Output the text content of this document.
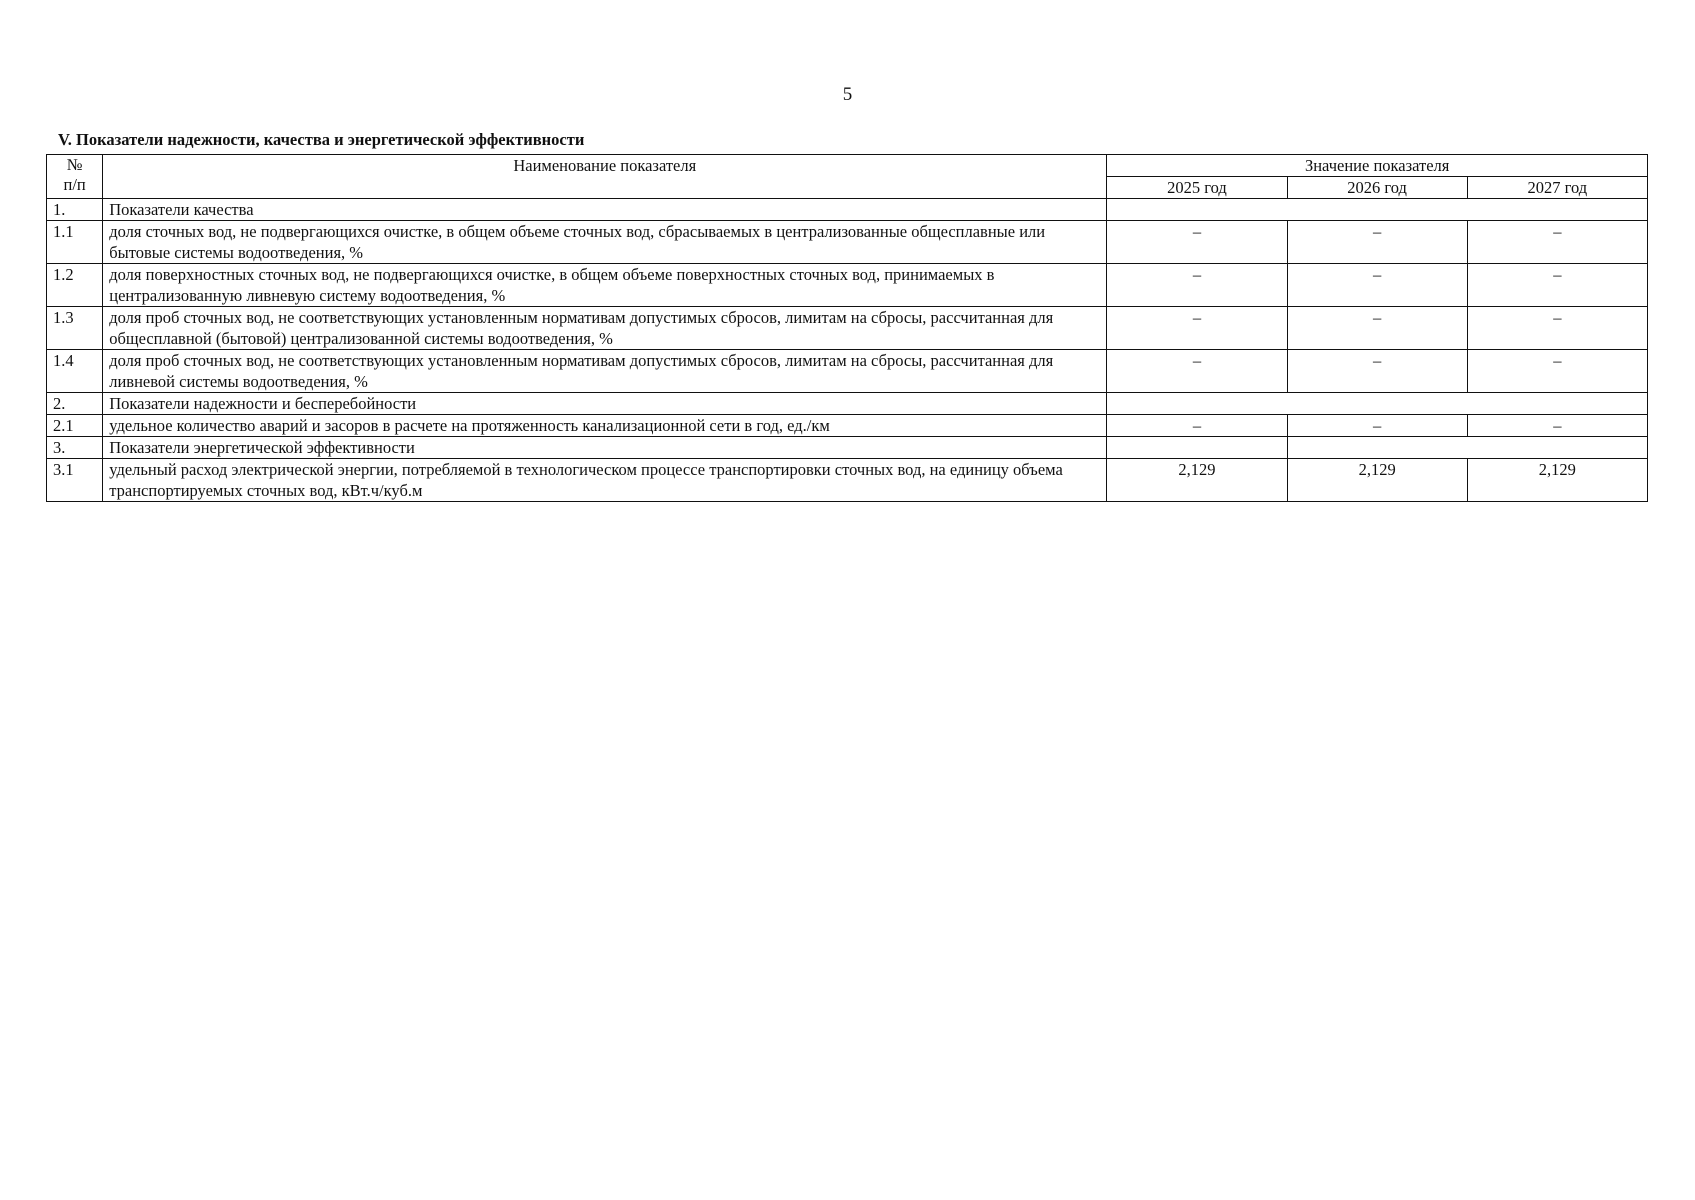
5
V. Показатели надежности, качества и энергетической эффективности
№
п/п	Наименование показателя	Значение показателя		
		2025 год	2026 год	2027 год
1.	Показатели качества			
1.1	доля сточных вод, не подвергающихся очистке, в общем объеме сточных вод, сбрасываемых в централизованные общесплавные или бытовые системы водоотведения, %	–	–	–
1.2	доля поверхностных сточных вод, не подвергающихся очистке, в общем объеме поверхностных сточных вод, принимаемых в централизованную ливневую систему водоотведения, %	–	–	–
1.3	доля проб сточных вод, не соответствующих установленным нормативам допустимых сбросов, лимитам на сбросы, рассчитанная для общесплавной (бытовой) централизованной системы водоотведения, %	–	–	–
1.4	доля проб сточных вод, не соответствующих установленным нормативам допустимых сбросов, лимитам на сбросы, рассчитанная для ливневой системы водоотведения, %	–	–	–
2.	Показатели надежности и бесперебойности			
2.1	удельное количество аварий и засоров в расчете на протяженность канализационной сети в год, ед./км	–	–	–
3.	Показатели энергетической эффективности			
3.1	удельный расход электрической энергии, потребляемой в технологическом процессе транспортировки сточных вод, на единицу объема транспортируемых сточных вод, кВт.ч/куб.м	2,129	2,129	2,129
